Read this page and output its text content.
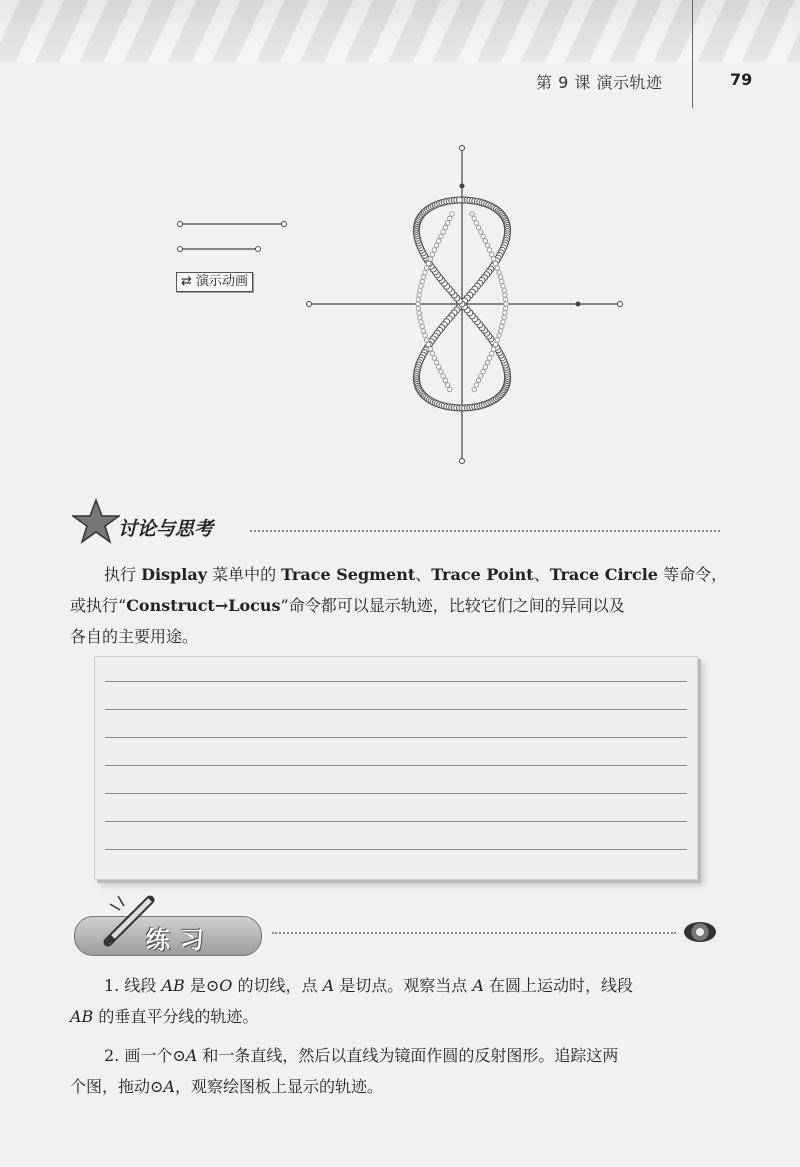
第 9 课 演示轨迹	79
⇄ 演示动画
讨论与思考
执行 Display 菜单中的 Trace Segment、Trace Point、Trace Circle 等命令，
或执行“Construct→Locus”命令都可以显示轨迹，比较它们之间的异同以及
各自的主要用途。
练习
1. 线段 AB 是⊙O 的切线，点 A 是切点。观察当点 A 在圆上运动时，线段
AB 的垂直平分线的轨迹。
2. 画一个⊙A 和一条直线，然后以直线为镜面作圆的反射图形。追踪这两
个图，拖动⊙A，观察绘图板上显示的轨迹。
